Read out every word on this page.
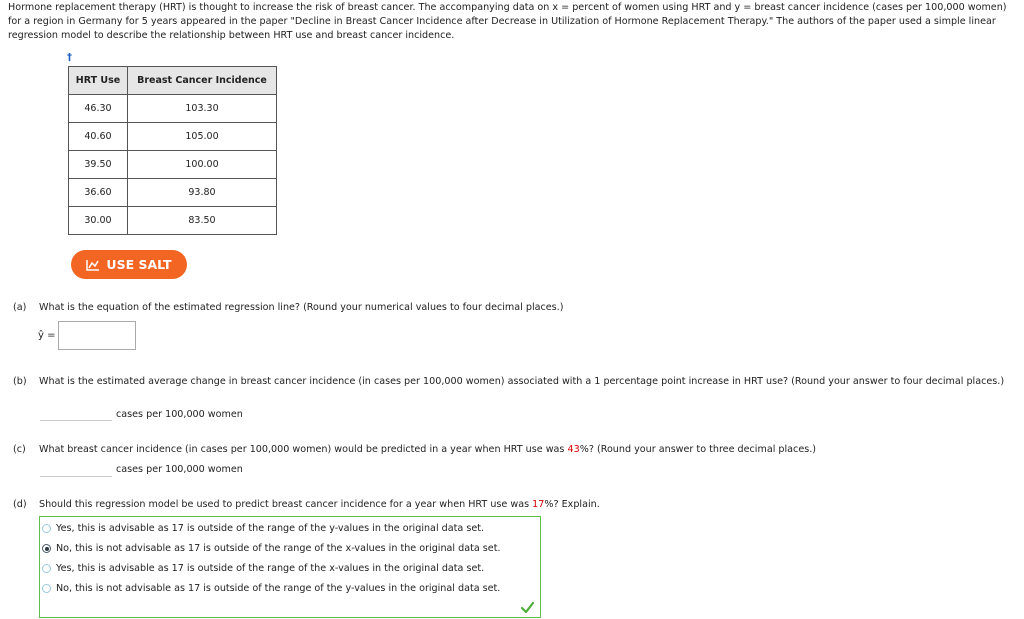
Hormone replacement therapy (HRT) is thought to increase the risk of breast cancer. The accompanying data on x = percent of women using HRT and y = breast cancer incidence (cases per 100,000 women) for a region in Germany for 5 years appeared in the paper "Decline in Breast Cancer Incidence after Decrease in Utilization of Hormone Replacement Therapy." The authors of the paper used a simple linear regression model to describe the relationship between HRT use and breast cancer incidence.

†
HRT Use	Breast Cancer Incidence
46.30	103.30
40.60	105.00
39.50	100.00
36.60	93.80
30.00	83.50
USE SALT
(a) What is the equation of the estimated regression line? (Round your numerical values to four decimal places.)
ŷ =
(b)	What is the estimated average change in breast cancer incidence (in cases per 100,000 women) associated with a 1 percentage point increase in HRT use? (Round your answer to four decimal places.)
cases per 100,000 women
(c) What breast cancer incidence (in cases per 100,000 women) would be predicted in a year when HRT use was 43%? (Round your answer to three decimal places.)
cases per 100,000 women
(d) Should this regression model be used to predict breast cancer incidence for a year when HRT use was 17%? Explain.
Yes, this is advisable as 17 is outside of the range of the y-values in the original data set.
No, this is not advisable as 17 is outside of the range of the x-values in the original data set.
Yes, this is advisable as 17 is outside of the range of the x-values in the original data set.
No, this is not advisable as 17 is outside of the range of the y-values in the original data set.
